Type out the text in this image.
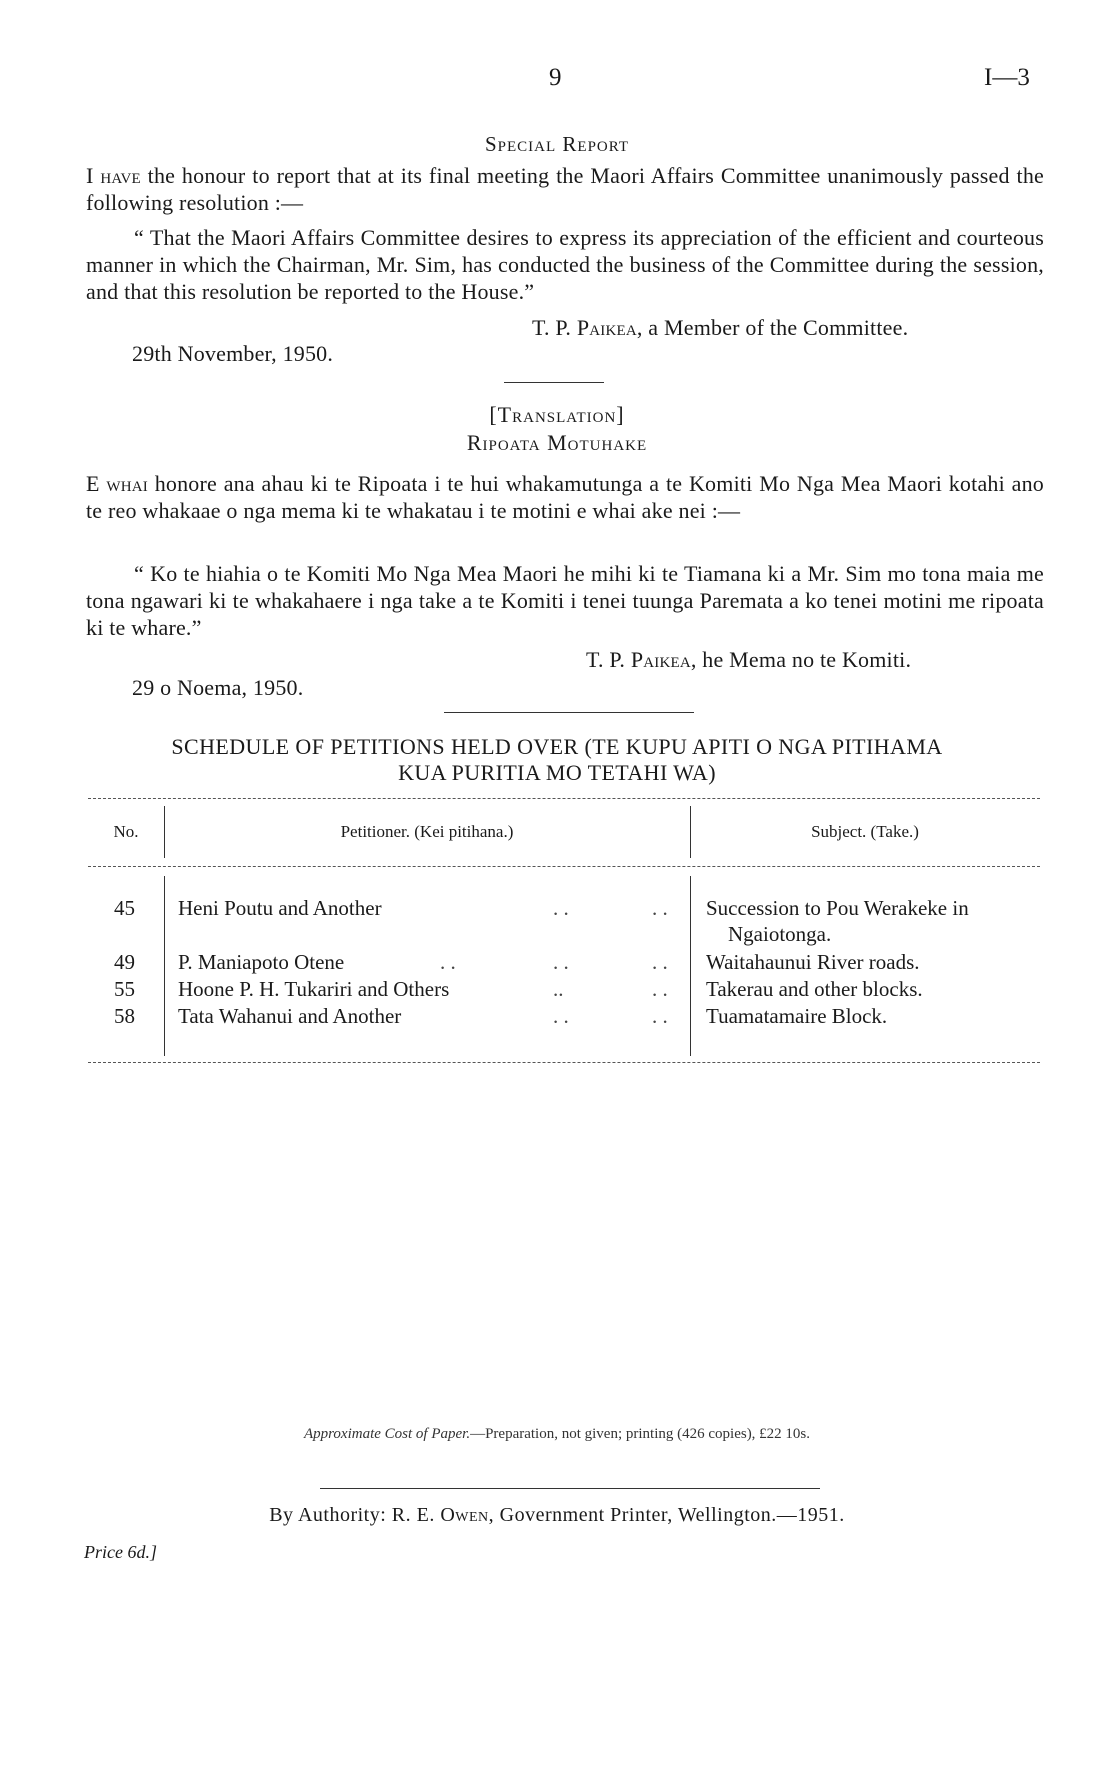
9	I—3
Special Report
I have the honour to report that at its final meeting the Maori Affairs Committee unanimously passed the following resolution :—
“ That the Maori Affairs Committee desires to express its appreciation of the efficient and courteous manner in which the Chairman, Mr. Sim, has conducted the business of the Committee during the session, and that this resolution be reported to the House.”
T. P. Paikea, a Member of the Committee.
29th November, 1950.
[Translation]
Ripoata Motuhake
E whai honore ana ahau ki te Ripoata i te hui whakamutunga a te Komiti Mo Nga Mea Maori kotahi ano te reo whakaae o nga mema ki te whakatau i te motini e whai ake nei :—
“ Ko te hiahia o te Komiti Mo Nga Mea Maori he mihi ki te Tiamana ki a Mr. Sim mo tona maia me tona ngawari ki te whakahaere i nga take a te Komiti i tenei tuunga Paremata a ko tenei motini me ripoata ki te whare.”
T. P. Paikea, he Mema no te Komiti.
29 o Noema, 1950.
SCHEDULE OF PETITIONS HELD OVER (TE KUPU APITI O NGA PITIHAMA
KUA PURITIA MO TETAHI WA)
No.	Petitioner. (Kei pitihana.)	Subject. (Take.)
45 Heni Poutu and Another	. .	. . Succession to Pou Werakeke in
Ngaiotonga.
49 P. Maniapoto Otene	. .	. .	. . Waitahaunui River roads.
55 Hoone P. H. Tukariri and Others	..	. . Takerau and other blocks.
58 Tata Wahanui and Another	. .	. . Tuamatamaire Block.
Approximate Cost of Paper.—Preparation, not given; printing (426 copies), £22 10s.
By Authority: R. E. Owen, Government Printer, Wellington.—1951.
Price 6d.]
